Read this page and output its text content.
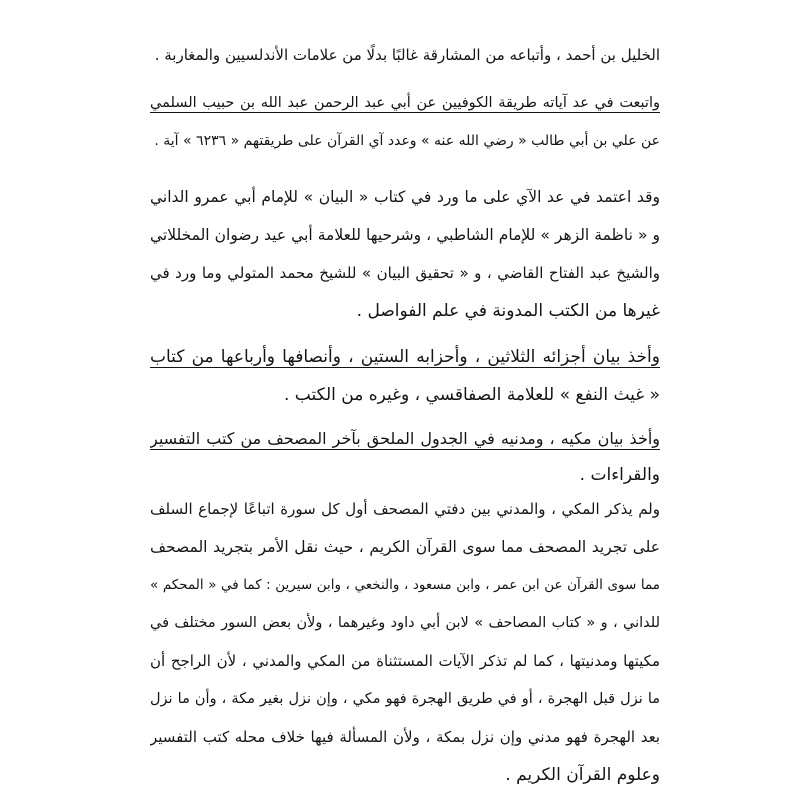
الخليل بن أحمد ، وأتباعه من المشارقة غالبًا بدلًا من علامات الأندلسيين والمغاربة .
واتبعت في عد آياته طريقة الكوفيين عن أبي عبد الرحمن عبد الله بن حبيب السلمي
عن علي بن أبي طالب « رضي الله عنه » وعدد آي القرآن على طريقتهم « ٦٢٣٦ » آية .
وقد اعتمد في عد الآي على ما ورد في كتاب « البيان » للإمام أبي عمرو الداني
و « ناظمة الزهر » للإمام الشاطبي ، وشرحيها للعلامة أبي عيد رضوان المخللاتي
والشيخ عبد الفتاح القاضي ، و « تحقيق البيان » للشيخ محمد المتولي وما ورد في
غيرها من الكتب المدونة في علم الفواصل .
وأخذ بيان أجزائه الثلاثين ، وأحزابه الستين ، وأنصافها وأرباعها من كتاب
« غيث النفع » للعلامة الصفاقسي ، وغيره من الكتب .
وأخذ بيان مكيه ، ومدنيه في الجدول الملحق بآخر المصحف من كتب التفسير
والقراءات .
ولم يذكر المكي ، والمدني بين دفتي المصحف أول كل سورة اتباعًا لإجماع السلف
على تجريد المصحف مما سوى القرآن الكريم ، حيث نقل الأمر بتجريد المصحف
مما سوى القرآن عن ابن عمر ، وابن مسعود ، والنخعي ، وابن سيرين : كما في « المحكم »
للداني ، و « كتاب المصاحف » لابن أبي داود وغيرهما ، ولأن بعض السور مختلف في
مكيتها ومدنيتها ، كما لم تذكر الآيات المستثناة من المكي والمدني ، لأن الراجح أن
ما نزل قبل الهجرة ، أو في طريق الهجرة فهو مكي ، وإن نزل بغير مكة ، وأن ما نزل
بعد الهجرة فهو مدني وإن نزل بمكة ، ولأن المسألة فيها خلاف محله كتب التفسير
وعلوم القرآن الكريم .
